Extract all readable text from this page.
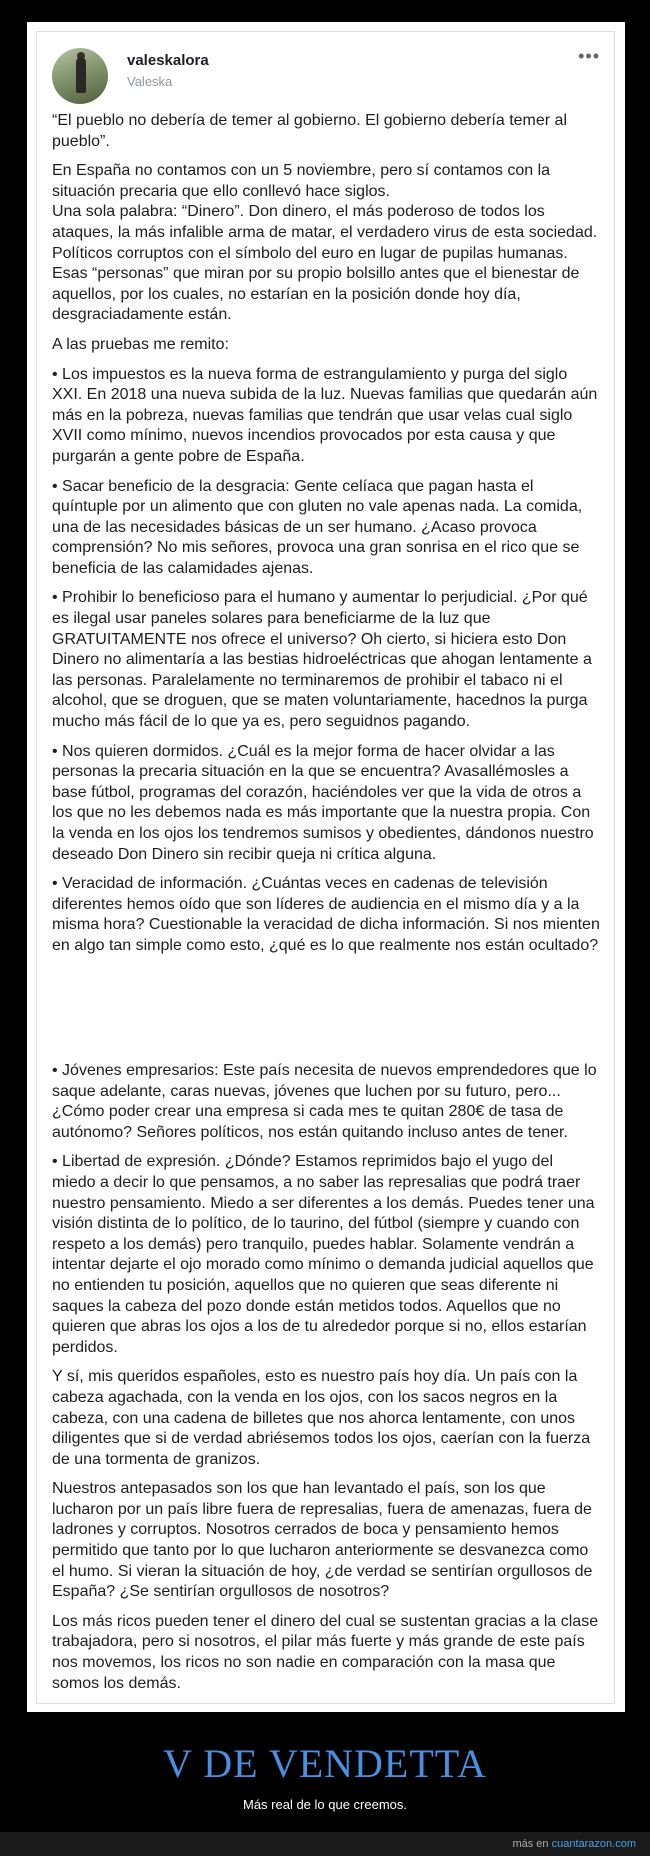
valeskalora
Valeska
•••

“El pueblo no debería de temer al gobierno. El gobierno debería temer al pueblo”.

En España no contamos con un 5 noviembre, pero sí contamos con la situación precaria que ello conllevó hace siglos.
Una sola palabra: “Dinero”. Don dinero, el más poderoso de todos los ataques, la más infalible arma de matar, el verdadero virus de esta sociedad.
Políticos corruptos con el símbolo del euro en lugar de pupilas humanas. Esas “personas” que miran por su propio bolsillo antes que el bienestar de aquellos, por los cuales, no estarían en la posición donde hoy día, desgraciadamente están.

A las pruebas me remito:

• Los impuestos es la nueva forma de estrangulamiento y purga del siglo XXI. En 2018 una nueva subida de la luz. Nuevas familias que quedarán aún más en la pobreza, nuevas familias que tendrán que usar velas cual siglo XVII como mínimo, nuevos incendios provocados por esta causa y que purgarán a gente pobre de España.

• Sacar beneficio de la desgracia: Gente celíaca que pagan hasta el quíntuple por un alimento que con gluten no vale apenas nada. La comida, una de las necesidades básicas de un ser humano. ¿Acaso provoca comprensión? No mis señores, provoca una gran sonrisa en el rico que se beneficia de las calamidades ajenas.

• Prohibir lo beneficioso para el humano y aumentar lo perjudicial. ¿Por qué es ilegal usar paneles solares para beneficiarme de la luz que GRATUITAMENTE nos ofrece el universo? Oh cierto, si hiciera esto Don Dinero no alimentaría a las bestias hidroeléctricas que ahogan lentamente a las personas. Paralelamente no terminaremos de prohibir el tabaco ni el alcohol, que se droguen, que se maten voluntariamente, hacednos la purga mucho más fácil de lo que ya es, pero seguidnos pagando.

• Nos quieren dormidos. ¿Cuál es la mejor forma de hacer olvidar a las personas la precaria situación en la que se encuentra? Avasallémosles a base fútbol, programas del corazón, haciéndoles ver que la vida de otros a los que no les debemos nada es más importante que la nuestra propia. Con la venda en los ojos los tendremos sumisos y obedientes, dándonos nuestro deseado Don Dinero sin recibir queja ni crítica alguna.

• Veracidad de información. ¿Cuántas veces en cadenas de televisión diferentes hemos oído que son líderes de audiencia en el mismo día y a la misma hora? Cuestionable la veracidad de dicha información. Si nos mienten en algo tan simple como esto, ¿qué es lo que realmente nos están ocultado?

• Jóvenes empresarios: Este país necesita de nuevos emprendedores que lo saque adelante, caras nuevas, jóvenes que luchen por su futuro, pero... ¿Cómo poder crear una empresa si cada mes te quitan 280€ de tasa de autónomo? Señores políticos, nos están quitando incluso antes de tener.

• Libertad de expresión. ¿Dónde? Estamos reprimidos bajo el yugo del miedo a decir lo que pensamos, a no saber las represalias que podrá traer nuestro pensamiento. Miedo a ser diferentes a los demás. Puedes tener una visión distinta de lo político, de lo taurino, del fútbol (siempre y cuando con respeto a los demás) pero tranquilo, puedes hablar. Solamente vendrán a intentar dejarte el ojo morado como mínimo o demanda judicial aquellos que no entienden tu posición, aquellos que no quieren que seas diferente ni saques la cabeza del pozo donde están metidos todos. Aquellos que no quieren que abras los ojos a los de tu alrededor porque si no, ellos estarían perdidos.

Y sí, mis queridos españoles, esto es nuestro país hoy día. Un país con la cabeza agachada, con la venda en los ojos, con los sacos negros en la cabeza, con una cadena de billetes que nos ahorca lentamente, con unos diligentes que si de verdad abriésemos todos los ojos, caerían con la fuerza de una tormenta de granizos.

Nuestros antepasados son los que han levantado el país, son los que lucharon por un país libre fuera de represalias, fuera de amenazas, fuera de ladrones y corruptos. Nosotros cerrados de boca y pensamiento hemos permitido que tanto por lo que lucharon anteriormente se desvanezca como el humo. Si vieran la situación de hoy, ¿de verdad se sentirían orgullosos de España? ¿Se sentirían orgullosos de nosotros?

Los más ricos pueden tener el dinero del cual se sustentan gracias a la clase trabajadora, pero si nosotros, el pilar más fuerte y más grande de este país nos movemos, los ricos no son nadie en comparación con la masa que somos los demás.

V DE VENDETTA
Más real de lo que creemos.
más en cuantarazon.com
